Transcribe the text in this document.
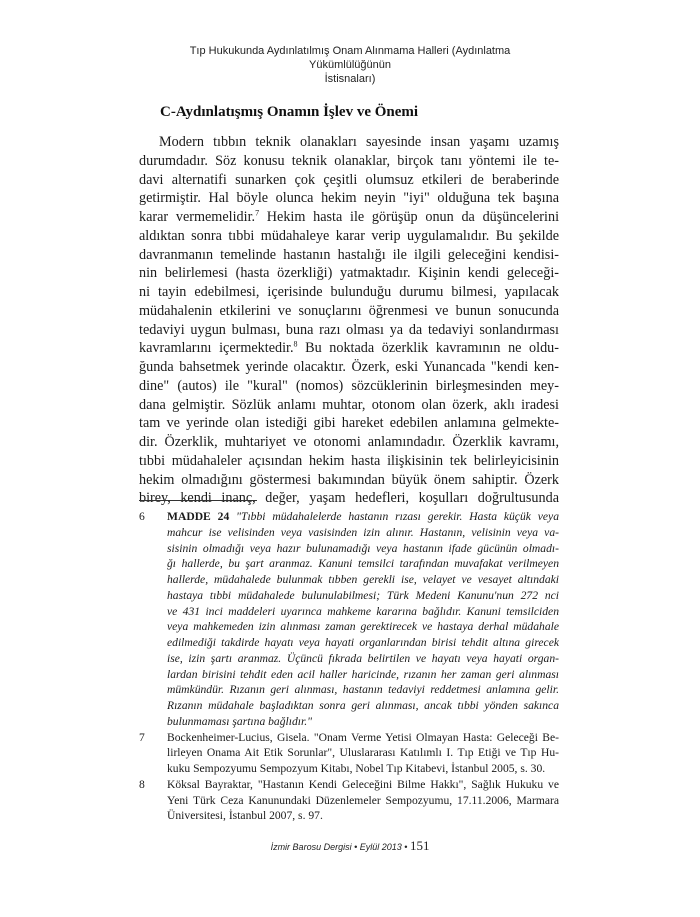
Tıp Hukukunda Aydınlatılmış Onam Alınmama Halleri (Aydınlatma Yükümlülüğünün
İstisnaları)
C-Aydınlatışmış Onamın İşlev ve Önemi
Modern tıbbın teknik olanakları sayesinde insan yaşamı uzamış
durumdadır. Söz konusu teknik olanaklar, birçok tanı yöntemi ile te-
davi alternatifi sunarken çok çeşitli olumsuz etkileri de beraberinde
getirmiştir. Hal böyle olunca hekim neyin "iyi" olduğuna tek başına
karar vermemelidir.$^7$ Hekim hasta ile görüşüp onun da düşüncelerini
aldıktan sonra tıbbi müdahaleye karar verip uygulamalıdır. Bu şekilde
davranmanın temelinde hastanın hastalığı ile ilgili geleceğini kendisi-
nin belirlemesi (hasta özerkliği) yatmaktadır. Kişinin kendi geleceği-
ni tayin edebilmesi, içerisinde bulunduğu durumu bilmesi, yapılacak
müdahalenin etkilerini ve sonuçlarını öğrenmesi ve bunun sonucunda
tedaviyi uygun bulması, buna razı olması ya da tedaviyi sonlandırması
kavramlarını içermektedir.$^8$ Bu noktada özerklik kavramının ne oldu-
ğunda bahsetmek yerinde olacaktır. Özerk, eski Yunancada "kendi ken-
dine" (autos) ile "kural" (nomos) sözcüklerinin birleşmesinden mey-
dana gelmiştir. Sözlük anlamı muhtar, otonom olan özerk, aklı iradesi
tam ve yerinde olan istediği gibi hareket edebilen anlamına gelmekte-
dir. Özerklik, muhtariyet ve otonomi anlamındadır. Özerklik kavramı,
tıbbi müdahaleler açısından hekim hasta ilişkisinin tek belirleyicisinin
hekim olmadığını göstermesi bakımından büyük önem sahiptir. Özerk
birey, kendi inanç, değer, yaşam hedefleri, koşulları doğrultusunda
6 MADDE 24 "Tıbbi müdahalelerde hastanın rızası gerekir. Hasta küçük veya
mahcur ise velisinden veya vasisinden izin alınır. Hastanın, velisinin veya va-
sisinin olmadığı veya hazır bulunamadığı veya hastanın ifade gücünün olmadı-
ğı hallerde, bu şart aranmaz. Kanuni temsilci tarafından muvafakat verilmeyen
hallerde, müdahalede bulunmak tıbben gerekli ise, velayet ve vesayet altındaki
hastaya tıbbi müdahalede bulunulabilmesi; Türk Medeni Kanunu'nun 272 nci
ve 431 inci maddeleri uyarınca mahkeme kararına bağlıdır. Kanuni temsilciden
veya mahkemeden izin alınması zaman gerektirecek ve hastaya derhal müdahale
edilmediği takdirde hayatı veya hayati organlarından birisi tehdit altına girecek
ise, izin şartı aranmaz. Üçüncü fıkrada belirtilen ve hayatı veya hayati organ-
lardan birisini tehdit eden acil haller haricinde, rızanın her zaman geri alınması
mümkündür. Rızanın geri alınması, hastanın tedaviyi reddetmesi anlamına gelir.
Rızanın müdahale başladıktan sonra geri alınması, ancak tıbbi yönden sakınca
bulunmaması şartına bağlıdır."
7 Bockenheimer-Lucius, Gisela. "Onam Verme Yetisi Olmayan Hasta: Geleceği Be-
lirleyen Onama Ait Etik Sorunlar", Uluslararası Katılımlı I. Tıp Etiği ve Tıp Hu-
kuku Sempozyumu Sempozyum Kitabı, Nobel Tıp Kitabevi, İstanbul 2005, s. 30.
8 Köksal Bayraktar, "Hastanın Kendi Geleceğini Bilme Hakkı", Sağlık Hukuku ve
Yeni Türk Ceza Kanunundaki Düzenlemeler Sempozyumu, 17.11.2006, Marmara
Üniversitesi, İstanbul 2007, s. 97.
İzmir Barosu Dergisi • Eylül 2013 • 151
